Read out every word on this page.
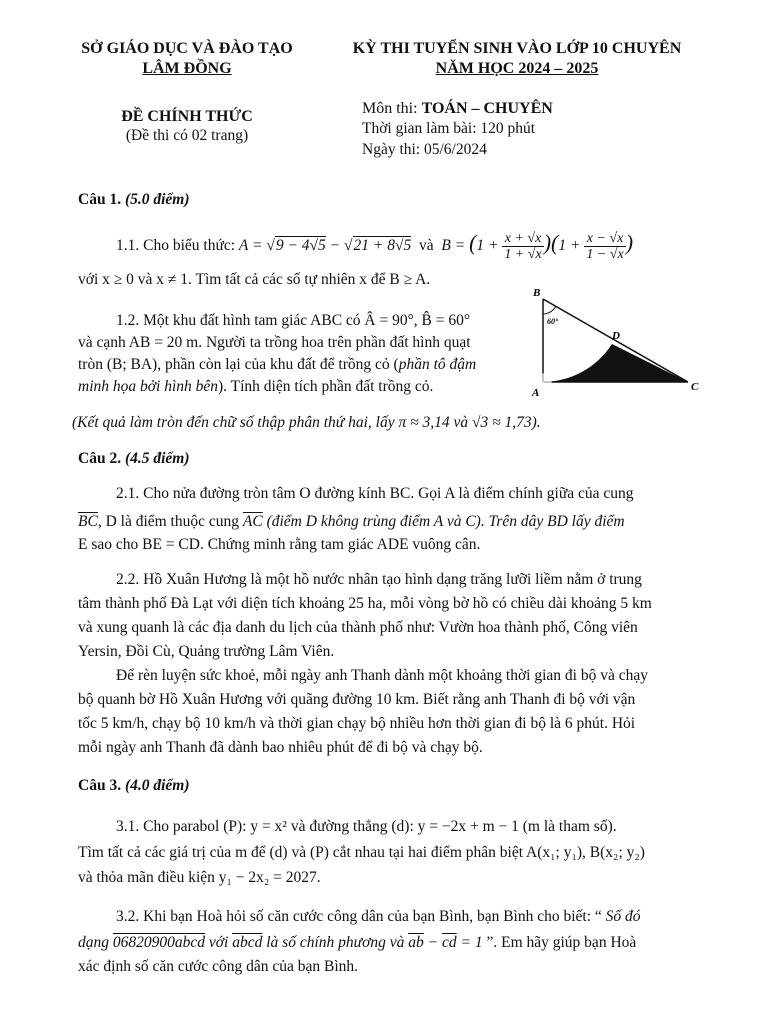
SỞ GIÁO DỤC VÀ ĐÀO TẠO
LÂM ĐỒNG
KỲ THI TUYỂN SINH VÀO LỚP 10 CHUYÊN
NĂM HỌC 2024 – 2025
ĐỀ CHÍNH THỨC
(Đề thi có 02 trang)
Môn thi: TOÁN – CHUYÊN
Thời gian làm bài: 120 phút
Ngày thi: 05/6/2024
Câu 1. (5.0 điểm)
1.1. Cho biểu thức: A = √9 − 4√5 − √21 + 8√5 và $B = (1 + \frac{x + √x}{1 + √x} )(1 + \frac{x - √x}{1 - √x}$ )
với x ≥ 0 và x ≠ 1. Tìm tất cả các số tự nhiên x để B ≥ A.
1.2. Một khu đất hình tam giác ABC có Â = 90°, B̂ = 60°
và cạnh AB = 20 m. Người ta trồng hoa trên phần đất hình quạt
tròn (B; BA), phần còn lại của khu đất để trồng cỏ (phần tô đậm
minh họa bởi hình bên). Tính diện tích phần đất trồng cỏ.
(Kết quả làm tròn đến chữ số thập phân thứ hai, lấy π ≈ 3,14 và √3 ≈ 1,73).
60°
B
A	C
D
Câu 2. (4.5 điểm)
2.1. Cho nửa đường tròn tâm O đường kính BC. Gọi A là điểm chính giữa của cung
$\overline{BC}$, D là điểm thuộc cung $\overline{AC}$ (điểm D không trùng điểm A và C). Trên dây BD lấy điểm
E sao cho BE = CD. Chứng minh rằng tam giác ADE vuông cân.
2.2. Hồ Xuân Hương là một hồ nước nhân tạo hình dạng trăng lưỡi liềm nằm ở trung
tâm thành phố Đà Lạt với diện tích khoảng 25 ha, mỗi vòng bờ hồ có chiều dài khoảng 5 km
và xung quanh là các địa danh du lịch của thành phố như: Vườn hoa thành phố, Công viên
Yersin, Đồi Cù, Quảng trường Lâm Viên.
Để rèn luyện sức khoẻ, mỗi ngày anh Thanh dành một khoảng thời gian đi bộ và chạy
bộ quanh bờ Hồ Xuân Hương với quãng đường 10 km. Biết rằng anh Thanh đi bộ với vận
tốc 5 km/h, chạy bộ 10 km/h và thời gian chạy bộ nhiều hơn thời gian đi bộ là 6 phút. Hỏi
mỗi ngày anh Thanh đã dành bao nhiêu phút để đi bộ và chạy bộ.
Câu 3. (4.0 điểm)
3.1. Cho parabol (P): y = x² và đường thẳng (d): y = −2x + m − 1 (m là tham số).
Tìm tất cả các giá trị của m để (d) và (P) cắt nhau tại hai điểm phân biệt A(x₁; y₁), B(x₂; y₂)
và thỏa mãn điều kiện y₁ − 2x₂ = 2027.
3.2. Khi bạn Hoà hỏi số căn cước công dân của bạn Bình, bạn Bình cho biết: “ Số đó
dạng 06820900abcd với abcd là số chính phương và $\overline{ab} - \overline{cd} = 1$ ”. Em hãy giúp bạn Hoà
xác định số căn cước công dân của bạn Bình.
